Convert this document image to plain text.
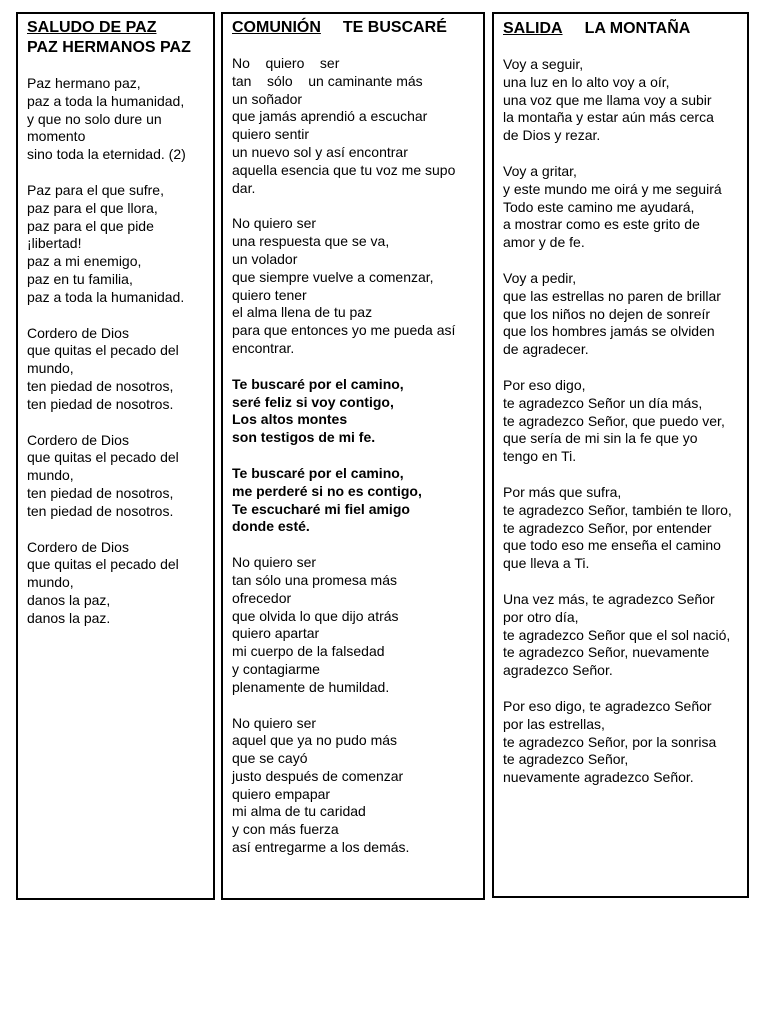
SALUDO DE PAZ

PAZ HERMANOS PAZ

Paz hermano paz,
paz a toda la humanidad,
y que no solo dure un momento
sino toda la eternidad. (2)
Paz para el que sufre,
paz para el que llora,
paz para el que pide ¡libertad!
paz a mi enemigo,
paz en tu familia,
paz a toda la humanidad.
Cordero de Dios
que quitas el pecado del mundo,
ten piedad de nosotros,
ten piedad de nosotros.
Cordero de Dios
que quitas el pecado del mundo,
ten piedad de nosotros,
ten piedad de nosotros.
Cordero de Dios
que quitas el pecado del mundo,
danos la paz,
danos la paz.

COMUNIÓN TE BUSCARÉ

No    quiero    ser
tan    sólo    un caminante más
un soñador
que jamás aprendió a escuchar
quiero sentir
un nuevo sol y así encontrar
aquella esencia que tu voz me supo dar.
No quiero ser
una respuesta que se va,
un volador
que siempre vuelve a comenzar,
quiero tener
el alma llena de tu paz
para que entonces yo me pueda así encontrar.
Te buscaré por el camino,
seré feliz si voy contigo,
Los altos montes
son testigos de mi fe.
Te buscaré por el camino,
me perderé si no es contigo,
Te escucharé mi fiel amigo
donde esté.
No quiero ser
tan sólo una promesa más
ofrecedor
que olvida lo que dijo atrás
quiero apartar
mi cuerpo de la falsedad
y contagiarme
plenamente de humildad.
No quiero ser
aquel que ya no pudo más
que se cayó
justo después de comenzar
quiero empapar
mi alma de tu caridad
y con más fuerza
así entregarme a los demás.

SALIDA LA MONTAÑA

Voy a seguir,
una luz en lo alto voy a oír,
una voz que me llama voy a subir
la montaña y estar aún más cerca
de Dios y rezar.
Voy a gritar,
y este mundo me oirá y me seguirá
Todo este camino me ayudará,
a mostrar como es este grito de
amor y de fe.
Voy a pedir,
que las estrellas no paren de brillar
que los niños no dejen de sonreír
que los hombres jamás se olviden
de agradecer.
Por eso digo,
te agradezco Señor un día más,
te agradezco Señor, que puedo ver,
que sería de mi sin la fe que yo
tengo en Ti.
Por más que sufra,
te agradezco Señor, también te lloro,
te agradezco Señor, por entender
que todo eso me enseña el camino
que lleva a Ti.
Una vez más, te agradezco Señor
por otro día,
te agradezco Señor que el sol nació,
te agradezco Señor, nuevamente
agradezco Señor.
Por eso digo, te agradezco Señor
por las estrellas,
te agradezco Señor, por la sonrisa
te agradezco Señor,
nuevamente agradezco Señor.
